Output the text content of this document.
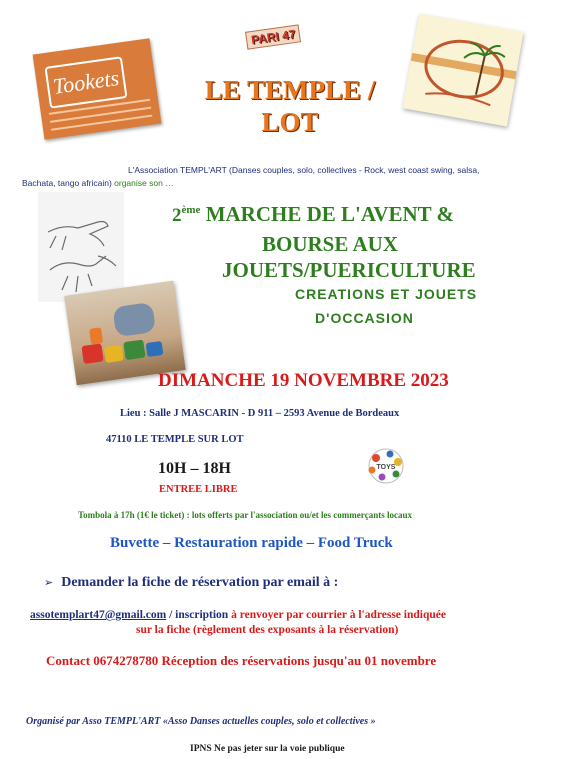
PARI 47
Tookets	LE TEMPLE /
LOT
L'Association TEMPL'ART (Danses couples, solo, collectives - Rock, west coast swing, salsa,
Bachata, tango africain) organise son …
2ème MARCHE DE L'AVENT &
BOURSE AUX
JOUETS/PUERICULTURE
CREATIONS ET JOUETS
D'OCCASION
DIMANCHE 19 NOVEMBRE 2023
Lieu : Salle J MASCARIN - D 911 – 2593 Avenue de Bordeaux
47110 LE TEMPLE SUR LOT
10H – 18H
ENTREE LIBRE
TOYS
Tombola à 17h (1€ le ticket) : lots offerts par l'association ou/et les commerçants locaux
Buvette – Restauration rapide – Food Truck
➢ Demander la fiche de réservation par email à :
assotemplart47@gmail.com / inscription à renvoyer par courrier à l'adresse indiquée
sur la fiche (règlement des exposants à la réservation)
Contact 0674278780 Réception des réservations jusqu'au 01 novembre
Organisé par Asso TEMPL'ART «Asso Danses actuelles couples, solo et collectives »
IPNS Ne pas jeter sur la voie publique
